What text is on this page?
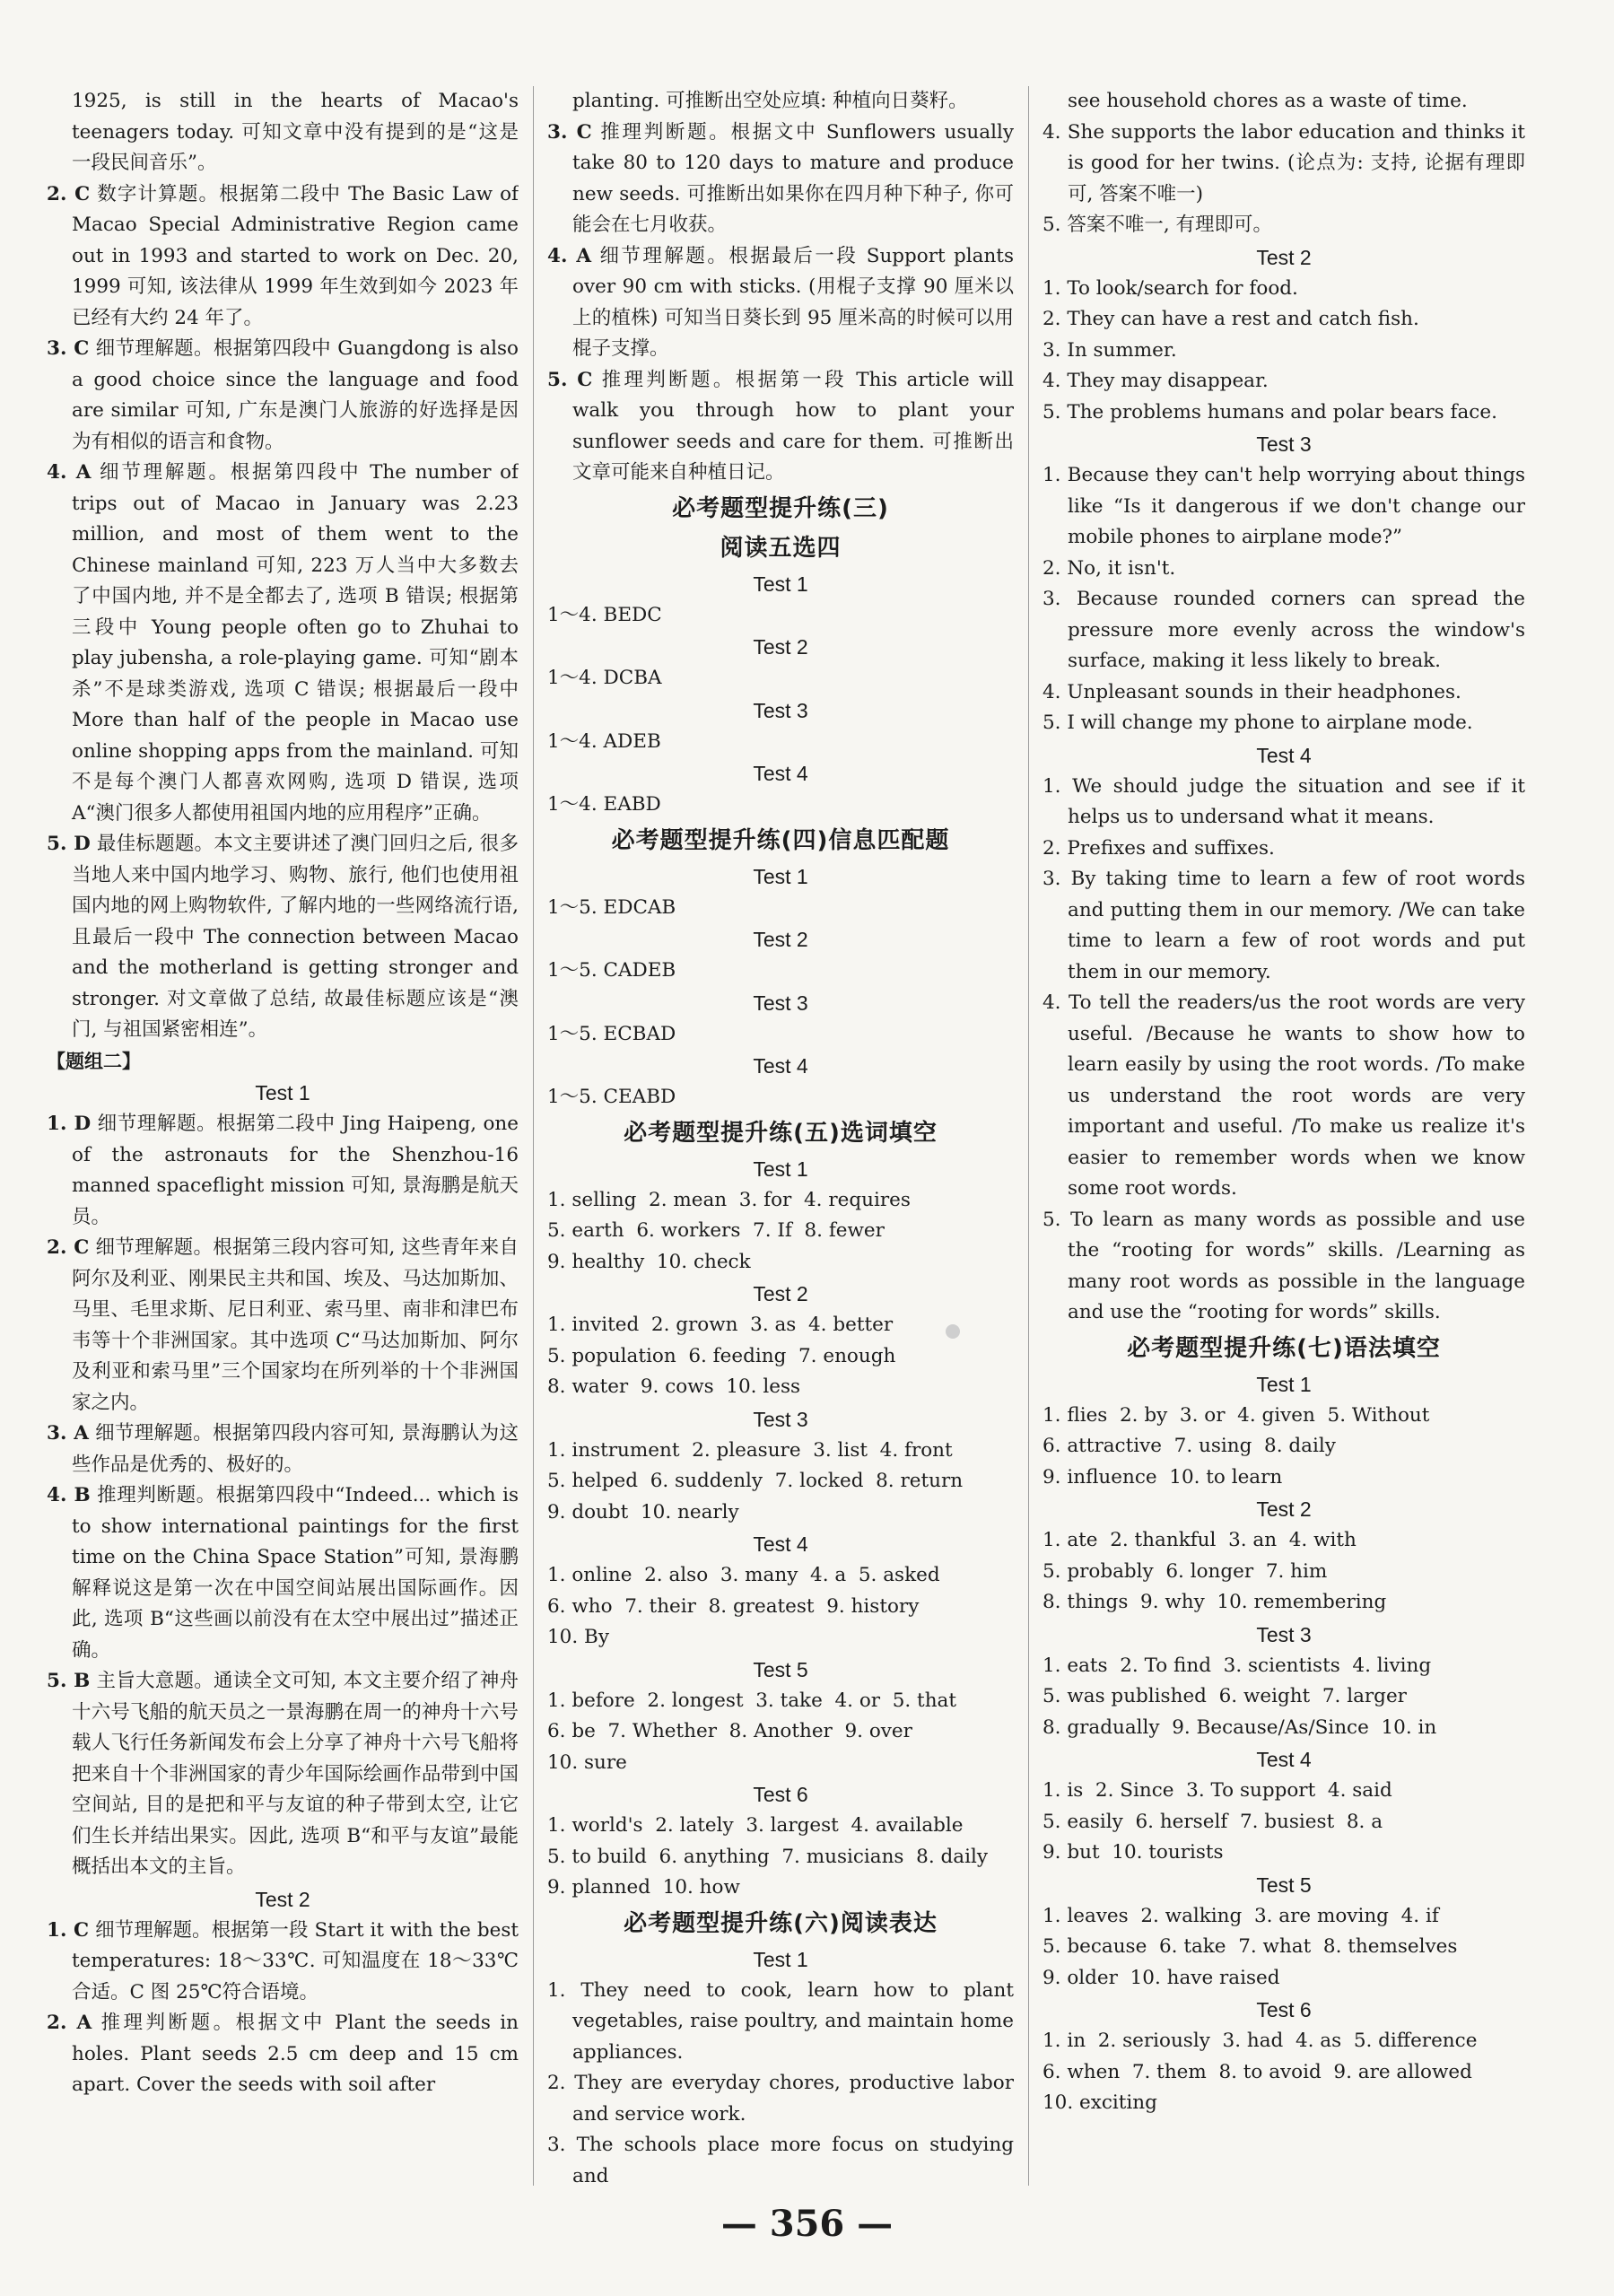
1925, is still in the hearts of Macao's teenagers today. 可知文章中没有提到的是“这是一段民间音乐”。
2. C 数字计算题。根据第二段中 The Basic Law of Macao Special Administrative Region came out in 1993 and started to work on Dec. 20, 1999 可知, 该法律从 1999 年生效到如今 2023 年已经有大约 24 年了。
3. C 细节理解题。根据第四段中 Guangdong is also a good choice since the language and food are similar 可知, 广东是澳门人旅游的好选择是因为有相似的语言和食物。
4. A 细节理解题。根据第四段中 The number of trips out of Macao in January was 2.23 million, and most of them went to the Chinese mainland 可知, 223 万人当中大多数去了中国内地, 并不是全都去了, 选项 B 错误; 根据第三段中 Young people often go to Zhuhai to play jubensha, a role-playing game. 可知“剧本杀”不是球类游戏, 选项 C 错误; 根据最后一段中 More than half of the people in Macao use online shopping apps from the mainland. 可知不是每个澳门人都喜欢网购, 选项 D 错误, 选项 A“澳门很多人都使用祖国内地的应用程序”正确。
5. D 最佳标题题。本文主要讲述了澳门回归之后, 很多当地人来中国内地学习、购物、旅行, 他们也使用祖国内地的网上购物软件, 了解内地的一些网络流行语, 且最后一段中 The connection between Macao and the motherland is getting stronger and stronger. 对文章做了总结, 故最佳标题应该是“澳门, 与祖国紧密相连”。
【题组二】
Test 1
1. D 细节理解题。根据第二段中 Jing Haipeng, one of the astronauts for the Shenzhou-16 manned spaceflight mission 可知, 景海鹏是航天员。
2. C 细节理解题。根据第三段内容可知, 这些青年来自阿尔及利亚、刚果民主共和国、埃及、马达加斯加、马里、毛里求斯、尼日利亚、索马里、南非和津巴布韦等十个非洲国家。其中选项 C“马达加斯加、阿尔及利亚和索马里”三个国家均在所列举的十个非洲国家之内。
3. A 细节理解题。根据第四段内容可知, 景海鹏认为这些作品是优秀的、极好的。
4. B 推理判断题。根据第四段中“Indeed... which is to show international paintings for the first time on the China Space Station”可知, 景海鹏解释说这是第一次在中国空间站展出国际画作。因此, 选项 B“这些画以前没有在太空中展出过”描述正确。
5. B 主旨大意题。通读全文可知, 本文主要介绍了神舟十六号飞船的航天员之一景海鹏在周一的神舟十六号载人飞行任务新闻发布会上分享了神舟十六号飞船将把来自十个非洲国家的青少年国际绘画作品带到中国空间站, 目的是把和平与友谊的种子带到太空, 让它们生长并结出果实。因此, 选项 B“和平与友谊”最能概括出本文的主旨。
Test 2
1. C 细节理解题。根据第一段 Start it with the best temperatures: 18～33℃. 可知温度在 18～33℃合适。C 图 25℃符合语境。
2. A 推理判断题。根据文中 Plant the seeds in holes. Plant seeds 2.5 cm deep and 15 cm apart. Cover the seeds with soil after
planting. 可推断出空处应填: 种植向日葵籽。
3. C 推理判断题。根据文中 Sunflowers usually take 80 to 120 days to mature and produce new seeds. 可推断出如果你在四月种下种子, 你可能会在七月收获。
4. A 细节理解题。根据最后一段 Support plants over 90 cm with sticks. (用棍子支撑 90 厘米以上的植株) 可知当日葵长到 95 厘米高的时候可以用棍子支撑。
5. C 推理判断题。根据第一段 This article will walk you through how to plant your sunflower seeds and care for them. 可推断出文章可能来自种植日记。
必考题型提升练(三)
阅读五选四
Test 1
1～4. BEDC
Test 2
1～4. DCBA
Test 3
1～4. ADEB
Test 4
1～4. EABD
必考题型提升练(四)信息匹配题
Test 1
1～5. EDCAB
Test 2
1～5. CADEB
Test 3
1～5. ECBAD
Test 4
1～5. CEABD
必考题型提升练(五)选词填空
Test 1
1. selling  2. mean  3. for  4. requires
5. earth  6. workers  7. If  8. fewer
9. healthy  10. check
Test 2
1. invited  2. grown  3. as  4. better
5. population  6. feeding  7. enough
8. water  9. cows  10. less
Test 3
1. instrument  2. pleasure  3. list  4. front
5. helped  6. suddenly  7. locked  8. return
9. doubt  10. nearly
Test 4
1. online  2. also  3. many  4. a  5. asked
6. who  7. their  8. greatest  9. history
10. By
Test 5
1. before  2. longest  3. take  4. or  5. that
6. be  7. Whether  8. Another  9. over
10. sure
Test 6
1. world's  2. lately  3. largest  4. available
5. to build  6. anything  7. musicians  8. daily
9. planned  10. how
必考题型提升练(六)阅读表达
Test 1
1. They need to cook, learn how to plant vegetables, raise poultry, and maintain home appliances.
2. They are everyday chores, productive labor and service work.
3. The schools place more focus on studying and
see household chores as a waste of time.
4. She supports the labor education and thinks it is good for her twins. (论点为: 支持, 论据有理即可, 答案不唯一)
5. 答案不唯一, 有理即可。
Test 2
1. To look/search for food.
2. They can have a rest and catch fish.
3. In summer.
4. They may disappear.
5. The problems humans and polar bears face.
Test 3
1. Because they can't help worrying about things like “Is it dangerous if we don't change our mobile phones to airplane mode?”
2. No, it isn't.
3. Because rounded corners can spread the pressure more evenly across the window's surface, making it less likely to break.
4. Unpleasant sounds in their headphones.
5. I will change my phone to airplane mode.
Test 4
1. We should judge the situation and see if it helps us to undersand what it means.
2. Prefixes and suffixes.
3. By taking time to learn a few of root words and putting them in our memory. /We can take time to learn a few of root words and put them in our memory.
4. To tell the readers/us the root words are very useful. /Because he wants to show how to learn easily by using the root words. /To make us understand the root words are very important and useful. /To make us realize it's easier to remember words when we know some root words.
5. To learn as many words as possible and use the “rooting for words” skills. /Learning as many root words as possible in the language and use the “rooting for words” skills.
必考题型提升练(七)语法填空
Test 1
1. flies  2. by  3. or  4. given  5. Without
6. attractive  7. using  8. daily
9. influence  10. to learn
Test 2
1. ate  2. thankful  3. an  4. with
5. probably  6. longer  7. him
8. things  9. why  10. remembering
Test 3
1. eats  2. To find  3. scientists  4. living
5. was published  6. weight  7. larger
8. gradually  9. Because/As/Since  10. in
Test 4
1. is  2. Since  3. To support  4. said
5. easily  6. herself  7. busiest  8. a
9. but  10. tourists
Test 5
1. leaves  2. walking  3. are moving  4. if
5. because  6. take  7. what  8. themselves
9. older  10. have raised
Test 6
1. in  2. seriously  3. had  4. as  5. difference
6. when  7. them  8. to avoid  9. are allowed
10. exciting
— 356 —
